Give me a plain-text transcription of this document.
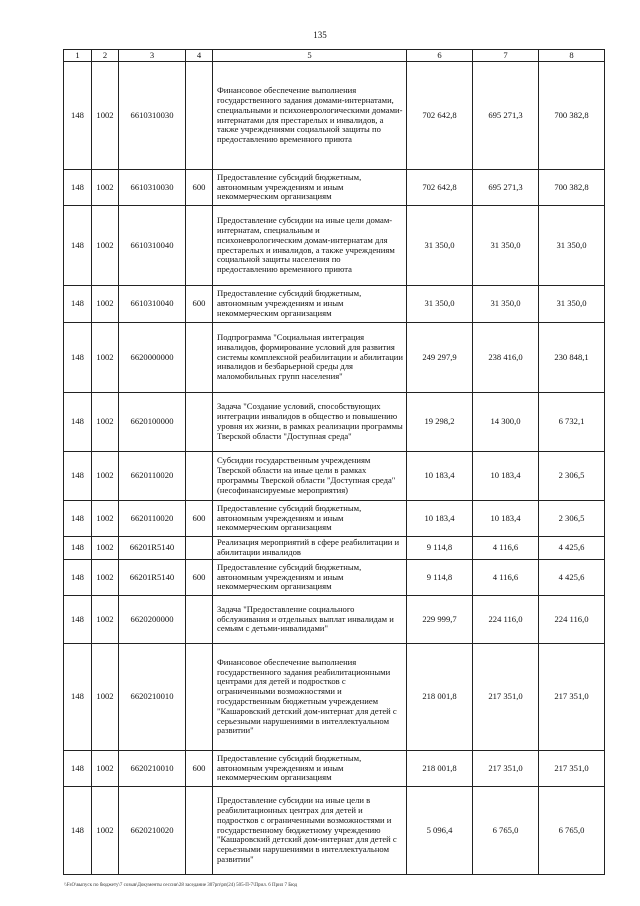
135
1	2	3	4	5	6	7	8
148	1002	6610310030		Финансовое обеспечение выполнения государственного задания домами-интернатами, специальными и психоневрологическими домами-интернатами для престарелых и инвалидов, а также учреждениями социальной защиты по предоставлению временного приюта	702 642,8	695 271,3	700 382,8
148	1002	6610310030	600	Предоставление субсидий бюджетным, автономным учреждениям и иным некоммерческим организациям	702 642,8	695 271,3	700 382,8
148	1002	6610310040		Предоставление субсидии на иные цели домам-интернатам, специальным и психоневрологическим домам-интернатам для престарелых и инвалидов, а также учреждениям социальной защиты населения по предоставлению временного приюта	31 350,0	31 350,0	31 350,0
148	1002	6610310040	600	Предоставление субсидий бюджетным, автономным учреждениям и иным некоммерческим организациям	31 350,0	31 350,0	31 350,0
148	1002	6620000000		Подпрограмма "Социальная интеграция инвалидов, формирование условий для развития системы комплексной реабилитации и абилитации инвалидов и безбарьерной среды для маломобильных групп населения"	249 297,9	238 416,0	230 848,1
148	1002	6620100000		Задача "Создание условий, способствующих интеграции инвалидов в общество и повышению уровня их жизни, в рамках реализации программы Тверской области "Доступная среда"	19 298,2	14 300,0	6 732,1
148	1002	6620110020		Субсидии государственным учреждениям Тверской области на иные цели в рамках программы Тверской области "Доступная среда" (несофинансируемые мероприятия)	10 183,4	10 183,4	2 306,5
148	1002	6620110020	600	Предоставление субсидий бюджетным, автономным учреждениям и иным некоммерческим организациям	10 183,4	10 183,4	2 306,5
148	1002	66201R5140		Реализация мероприятий в сфере реабилитации и абилитации инвалидов	9 114,8	4 116,6	4 425,6
148	1002	66201R5140	600	Предоставление субсидий бюджетным, автономным учреждениям и иным некоммерческим организациям	9 114,8	4 116,6	4 425,6
148	1002	6620200000		Задача "Предоставление социального обслуживания и отдельных выплат инвалидам и семьям с детьми-инвалидами"	229 999,7	224 116,0	224 116,0
148	1002	6620210010		Финансовое обеспечение выполнения государственного задания реабилитационными центрами для детей и подростков с ограниченными возможностями и государственным бюджетным учреждением "Кашаровский детский дом-интернат для детей с серьезными нарушениями в интеллектуальном развитии"	218 001,8	217 351,0	217 351,0
148	1002	6620210010	600	Предоставление субсидий бюджетным, автономным учреждениям и иным некоммерческим организациям	218 001,8	217 351,0	217 351,0
148	1002	6620210020		Предоставление субсидии на иные цели в реабилитационных центрах для детей и подростков с ограниченными возможностями и государственному бюджетному учреждению "Кашаровский детский дом-интернат для детей с серьезными нарушениями в интеллектуальном развитии"	5 096,4	6 765,0	6 765,0
\\FsO\выпуск по бюджету\7 созыв\Документы сессии\28 заседание 307рп\рп(24) 505-П-7\Прил. 6 Прил 7 Бюд
